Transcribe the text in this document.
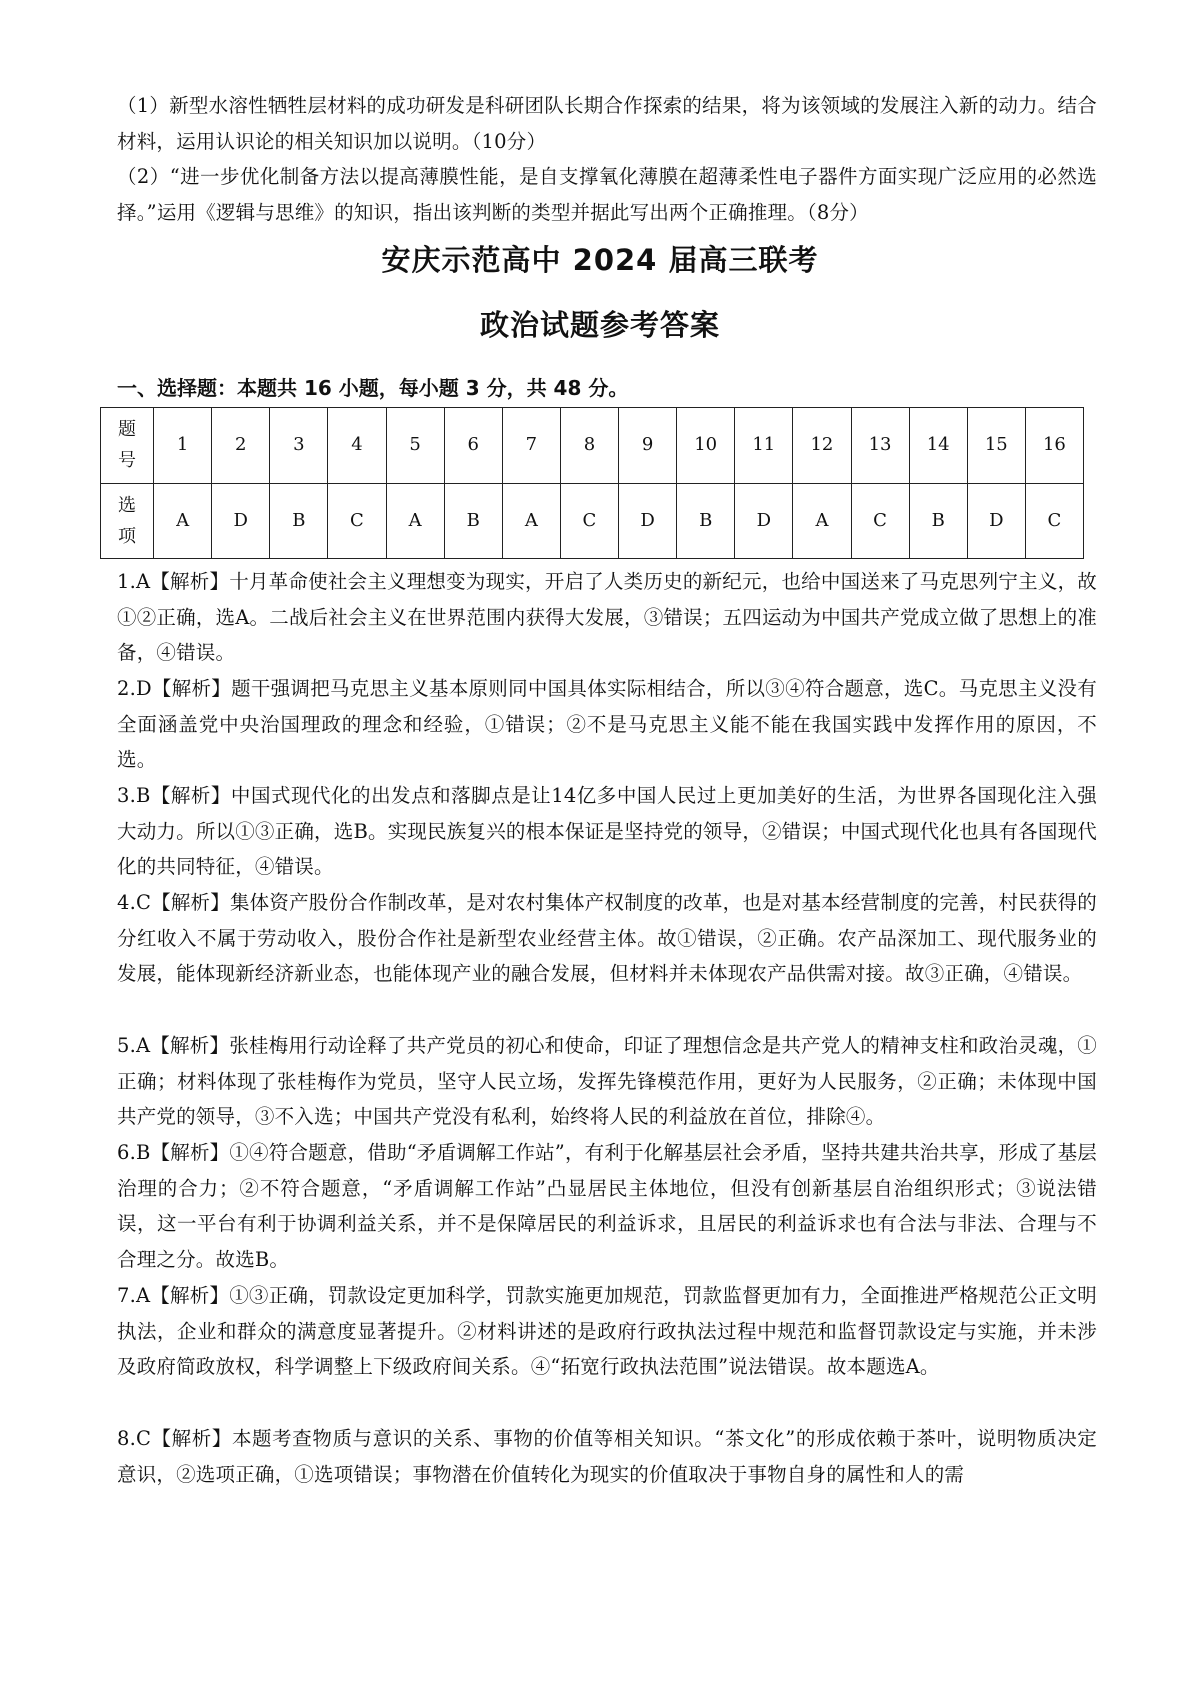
（1）新型水溶性牺牲层材料的成功研发是科研团队长期合作探索的结果，将为该领域的发展注入新的动力。结合材料，运用认识论的相关知识加以说明。（10分）
（2）“进一步优化制备方法以提高薄膜性能，是自支撑氧化薄膜在超薄柔性电子器件方面实现广泛应用的必然选择。”运用《逻辑与思维》的知识，指出该判断的类型并据此写出两个正确推理。（8分）
安庆示范高中 2024 届高三联考
政治试题参考答案
一、选择题：本题共 16 小题，每小题 3 分，共 48 分。
题
号	1	2	3	4	5	6	7	8	9	10	11	12	13	14	15	16
选
项	A	D	B	C	A	B	A	C	D	B	D	A	C	B	D	C
1.A【解析】十月革命使社会主义理想变为现实，开启了人类历史的新纪元，也给中国送来了马克思列宁主义，故①②正确，选A。二战后社会主义在世界范围内获得大发展，③错误；五四运动为中国共产党成立做了思想上的准备，④错误。
2.D【解析】题干强调把马克思主义基本原则同中国具体实际相结合，所以③④符合题意，选C。马克思主义没有全面涵盖党中央治国理政的理念和经验，①错误；②不是马克思主义能不能在我国实践中发挥作用的原因，不选。
3.B【解析】中国式现代化的出发点和落脚点是让14亿多中国人民过上更加美好的生活，为世界各国现化注入强大动力。所以①③正确，选B。实现民族复兴的根本保证是坚持党的领导，②错误；中国式现代化也具有各国现代化的共同特征，④错误。
4.C【解析】集体资产股份合作制改革，是对农村集体产权制度的改革，也是对基本经营制度的完善，村民获得的分红收入不属于劳动收入，股份合作社是新型农业经营主体。故①错误，②正确。农产品深加工、现代服务业的发展，能体现新经济新业态，也能体现产业的融合发展，但材料并未体现农产品供需对接。故③正确，④错误。
5.A【解析】张桂梅用行动诠释了共产党员的初心和使命，印证了理想信念是共产党人的精神支柱和政治灵魂，①正确；材料体现了张桂梅作为党员，坚守人民立场，发挥先锋模范作用，更好为人民服务，②正确；未体现中国共产党的领导，③不入选；中国共产党没有私利，始终将人民的利益放在首位，排除④。
6.B【解析】①④符合题意，借助“矛盾调解工作站”，有利于化解基层社会矛盾，坚持共建共治共享，形成了基层治理的合力；②不符合题意，“矛盾调解工作站”凸显居民主体地位，但没有创新基层自治组织形式；③说法错误，这一平台有利于协调利益关系，并不是保障居民的利益诉求，且居民的利益诉求也有合法与非法、合理与不合理之分。故选B。
7.A【解析】①③正确，罚款设定更加科学，罚款实施更加规范，罚款监督更加有力，全面推进严格规范公正文明执法，企业和群众的满意度显著提升。②材料讲述的是政府行政执法过程中规范和监督罚款设定与实施，并未涉及政府简政放权，科学调整上下级政府间关系。④“拓宽行政执法范围”说法错误。故本题选A。
8.C【解析】本题考查物质与意识的关系、事物的价值等相关知识。“茶文化”的形成依赖于茶叶，说明物质决定意识，②选项正确，①选项错误；事物潜在价值转化为现实的价值取决于事物自身的属性和人的需
